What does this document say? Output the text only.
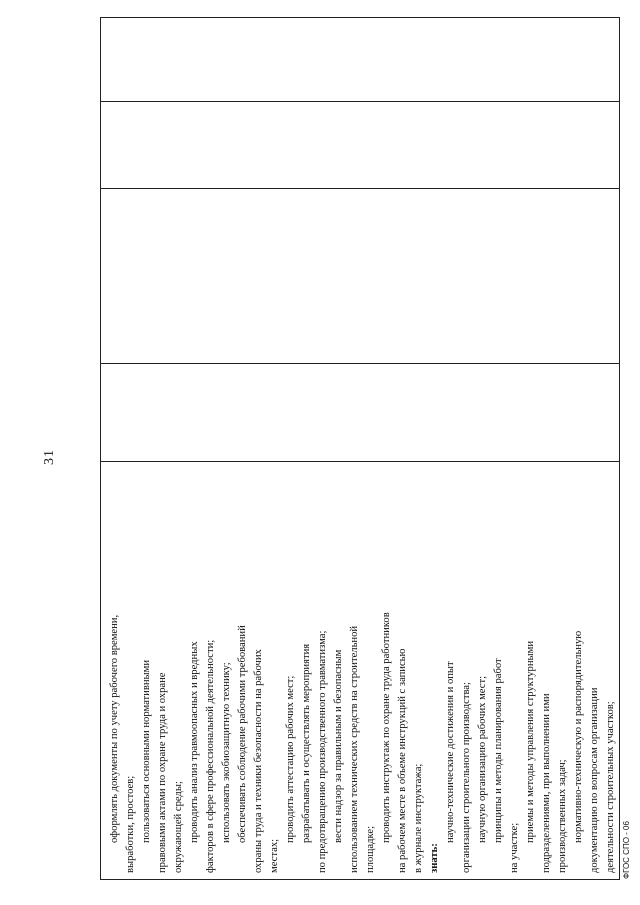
31
оформлять документы по учету рабочего времени, выработки, простоев; пользоваться основными нормативными правовыми актами по охране труда и охране окружающей среды; проводить анализ травмоопасных и вредных факторов в сфере профессиональной деятельности; использовать экобиозащитную технику; обеспечивать соблюдение рабочими требований охраны труда и техники безопасности на рабочих местах;
проводить аттестацию рабочих мест; разрабатывать и осуществлять мероприятия по предотвращению производственного травматизма; вести надзор за правильным и безопасным использованием технических средств на строительной площадке;
проводить инструктаж по охране труда работников на рабочем месте в объеме инструкций с записью в журнале инструктажа; знать:
научно-технические достижения и опыт организации строительного производства; научную организацию рабочих мест; принципы и методы планирования работ
на участке;
приемы и методы управления структурными подразделениями, при выполнении ими производственных задач; нормативно-техническую и распорядительную документацию по вопросам организации деятельности строительных участков;
				ФГОС СПО - 06
